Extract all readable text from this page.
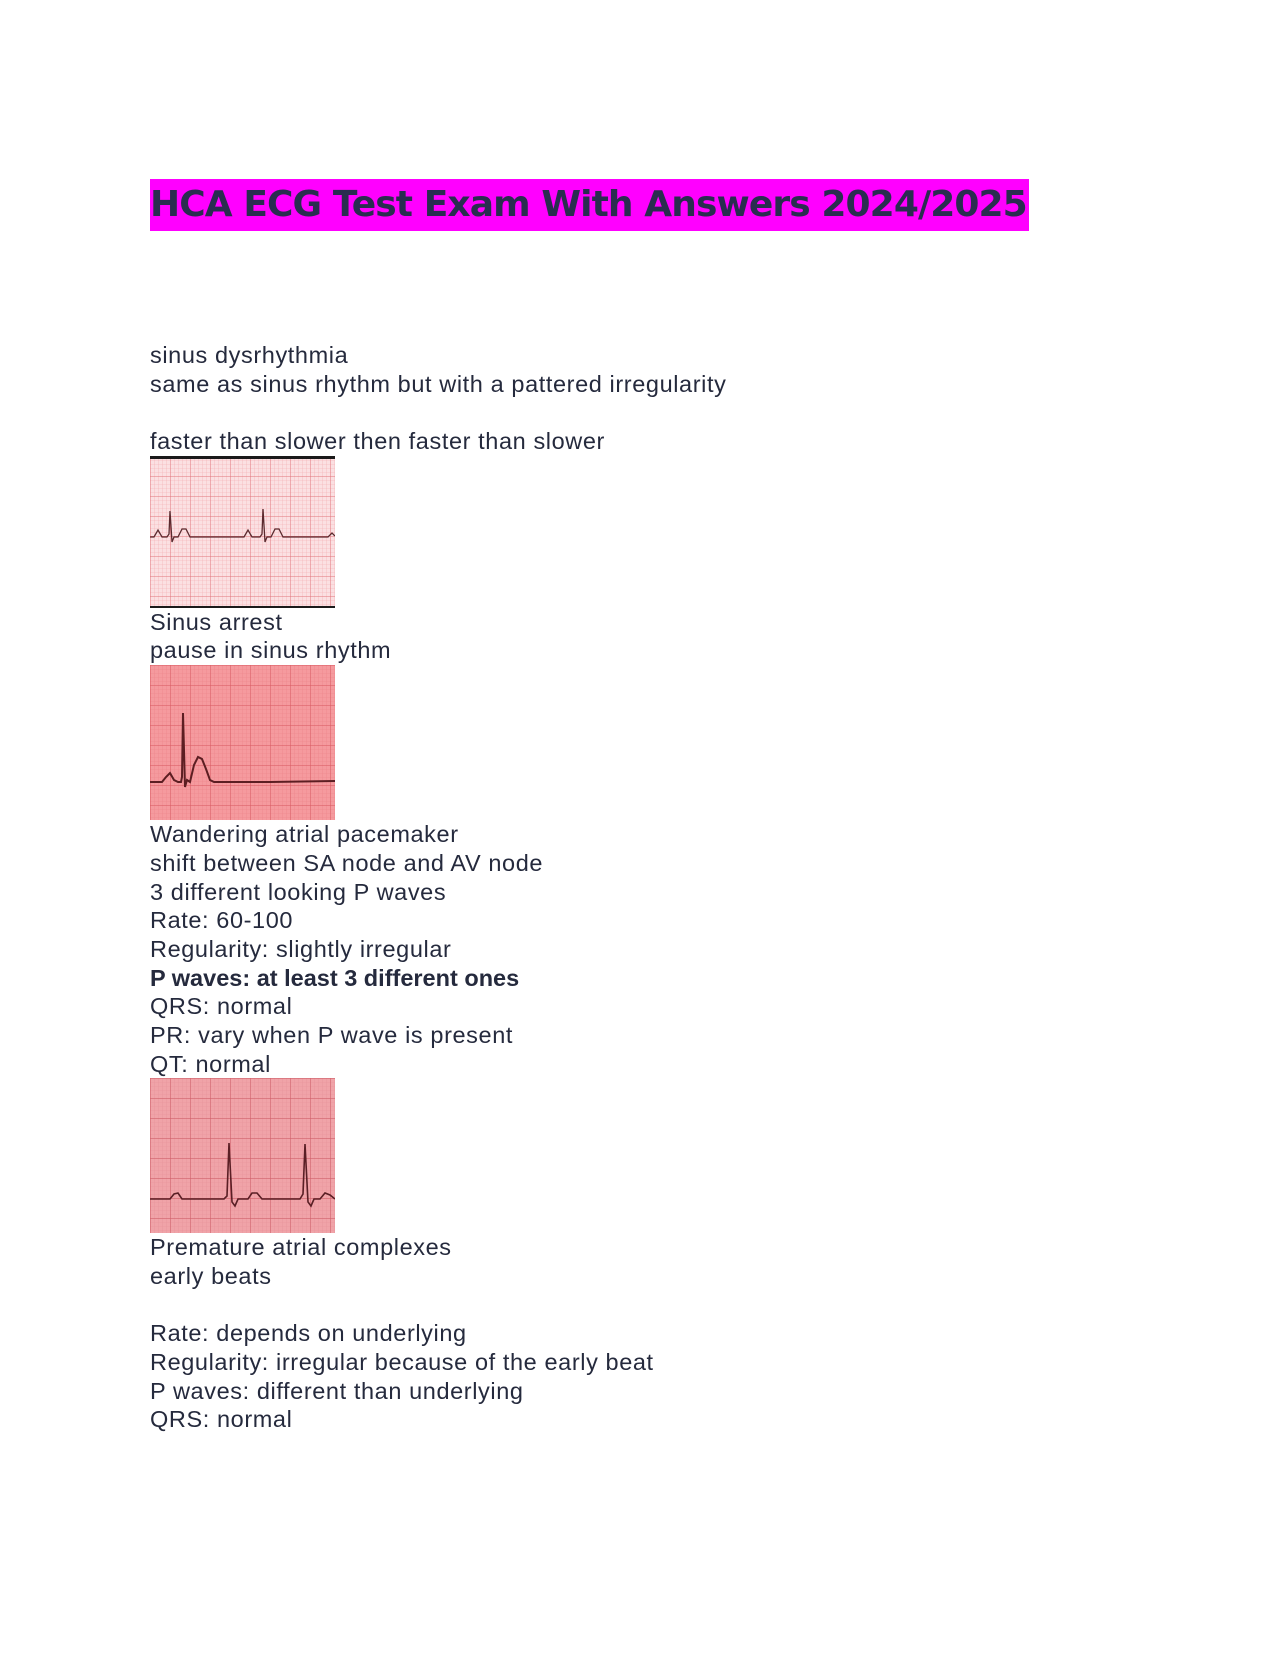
HCA ECG Test Exam With Answers 2024/2025
sinus dysrhythmia
same as sinus rhythm but with a pattered irregularity
faster than slower then faster than slower
Sinus arrest
pause in sinus rhythm
Wandering atrial pacemaker
shift between SA node and AV node
3 different looking P waves
Rate: 60-100
Regularity: slightly irregular
P waves: at least 3 different ones
QRS: normal
PR: vary when P wave is present
QT: normal
Premature atrial complexes
early beats
Rate: depends on underlying
Regularity: irregular because of the early beat
P waves: different than underlying
QRS: normal
